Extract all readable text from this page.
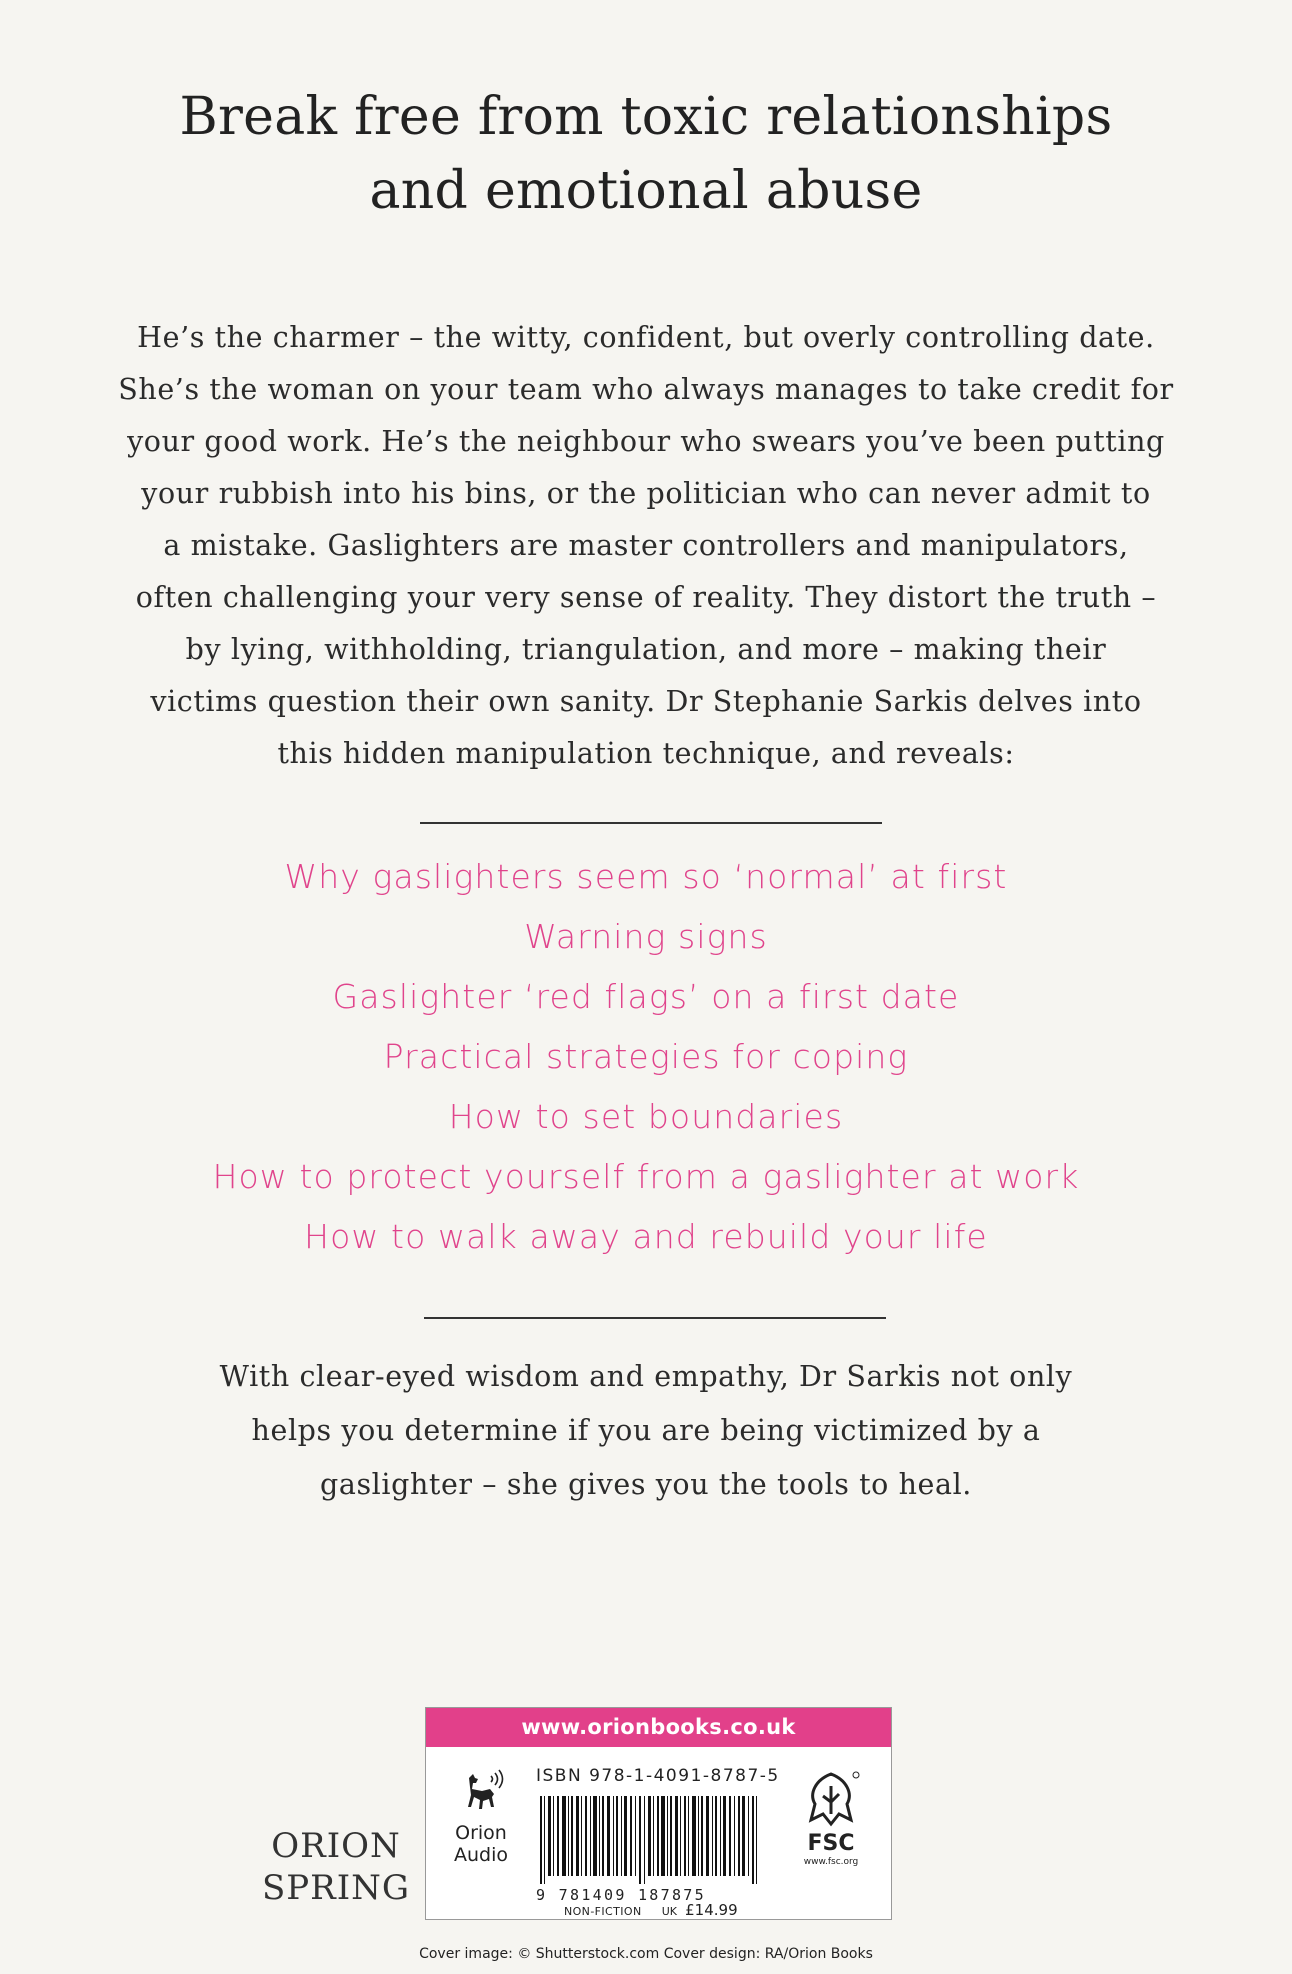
Break free from toxic relationships
and emotional abuse
He’s the charmer – the witty, confident, but overly controlling date.
She’s the woman on your team who always manages to take credit for
your good work. He’s the neighbour who swears you’ve been putting
your rubbish into his bins, or the politician who can never admit to
a mistake. Gaslighters are master controllers and manipulators,
often challenging your very sense of reality. They distort the truth –
by lying, withholding, triangulation, and more – making their
victims question their own sanity. Dr Stephanie Sarkis delves into
this hidden manipulation technique, and reveals:
Why gaslighters seem so ‘normal’ at first
Warning signs
Gaslighter ‘red flags’ on a first date
Practical strategies for coping
How to set boundaries
How to protect yourself from a gaslighter at work
How to walk away and rebuild your life
With clear-eyed wisdom and empathy, Dr Sarkis not only
helps you determine if you are being victimized by a
gaslighter – she gives you the tools to heal.
ORION
SPRING
www.orionbooks.co.uk
Orion
Audio
ISBN 978-1-4091-8787-5
9 781409 187875
NON-FICTION UK £14.99
FSC
www.fsc.org
Cover image: © Shutterstock.com Cover design: RA/Orion Books
